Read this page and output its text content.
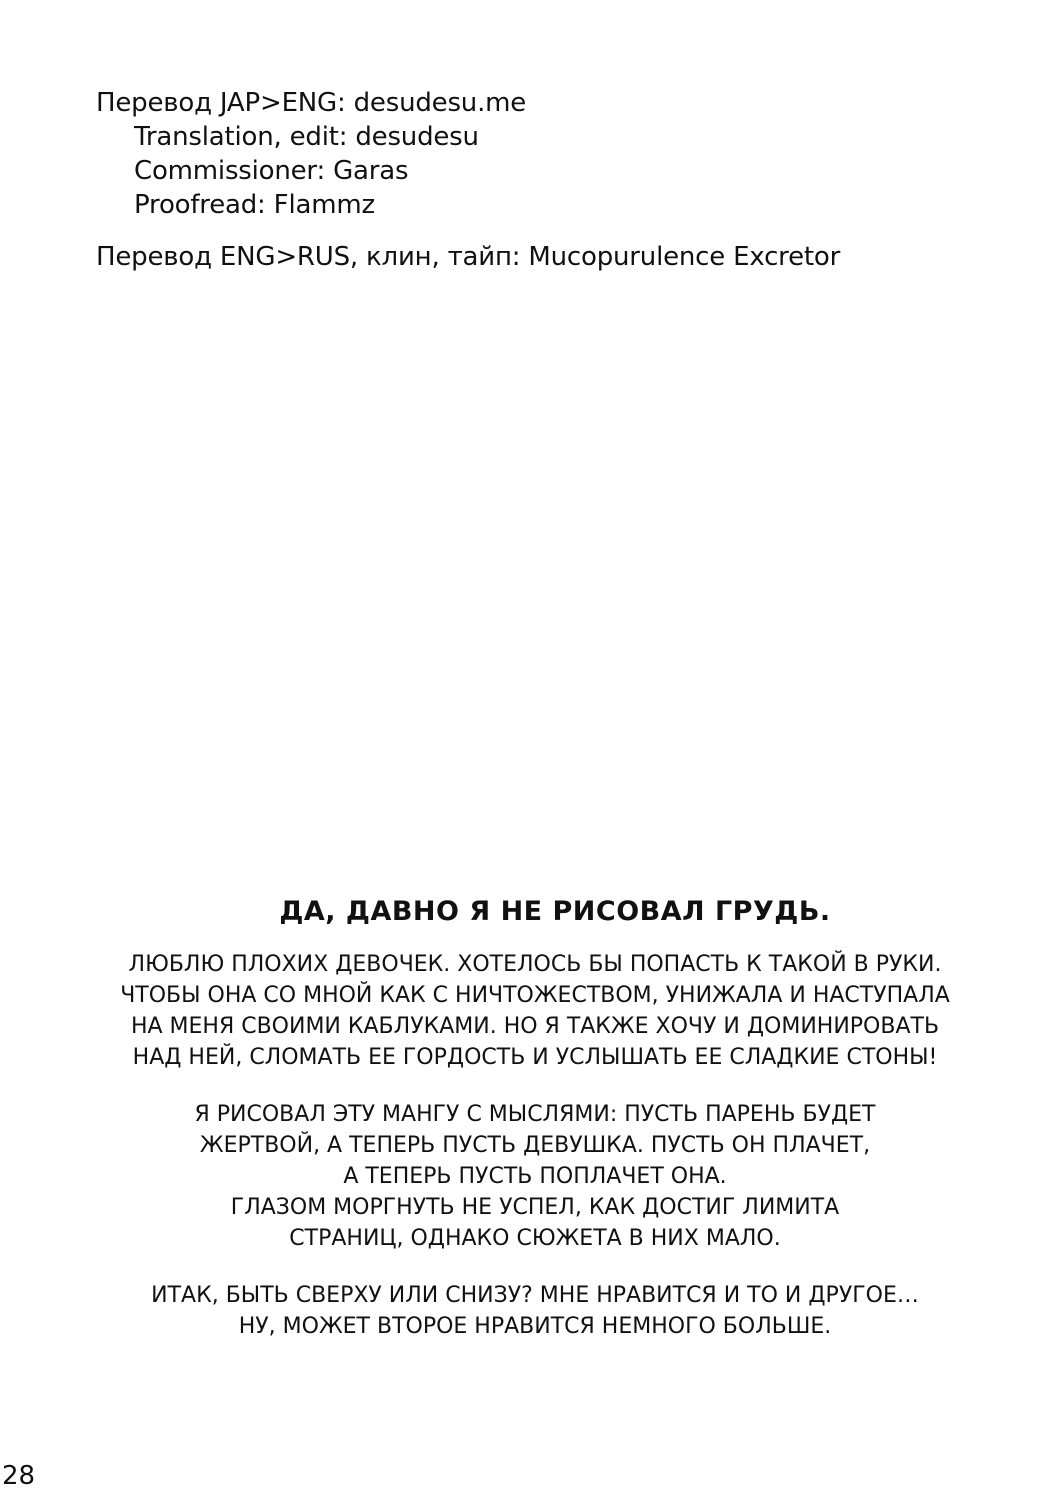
Перевод JAP>ENG: desudesu.me
Translation, edit: desudesu
Commissioner: Garas
Proofread: Flammz
Перевод ENG>RUS, клин, тайп: Mucopurulence Excretor
ДА, ДАВНО Я НЕ РИСОВАЛ ГРУДЬ.
ЛЮБЛЮ ПЛОХИХ ДЕВОЧЕК. ХОТЕЛОСЬ БЫ ПОПАСТЬ К ТАКОЙ В РУКИ.
ЧТОБЫ ОНА СО МНОЙ КАК С НИЧТОЖЕСТВОМ, УНИЖАЛА И НАСТУПАЛА
НА МЕНЯ СВОИМИ КАБЛУКАМИ. НО Я ТАКЖЕ ХОЧУ И ДОМИНИРОВАТЬ
НАД НЕЙ, СЛОМАТЬ ЕЕ ГОРДОСТЬ И УСЛЫШАТЬ ЕЕ СЛАДКИЕ СТОНЫ!
Я РИСОВАЛ ЭТУ МАНГУ С МЫСЛЯМИ: ПУСТЬ ПАРЕНЬ БУДЕТ
ЖЕРТВОЙ, А ТЕПЕРЬ ПУСТЬ ДЕВУШКА. ПУСТЬ ОН ПЛАЧЕТ,
А ТЕПЕРЬ ПУСТЬ ПОПЛАЧЕТ ОНА.
ГЛАЗОМ МОРГНУТЬ НЕ УСПЕЛ, КАК ДОСТИГ ЛИМИТА
СТРАНИЦ, ОДНАКО СЮЖЕТА В НИХ МАЛО.
ИТАК, БЫТЬ СВЕРХУ ИЛИ СНИЗУ? МНЕ НРАВИТСЯ И ТО И ДРУГОЕ…
НУ, МОЖЕТ ВТОРОЕ НРАВИТСЯ НЕМНОГО БОЛЬШЕ.
28
